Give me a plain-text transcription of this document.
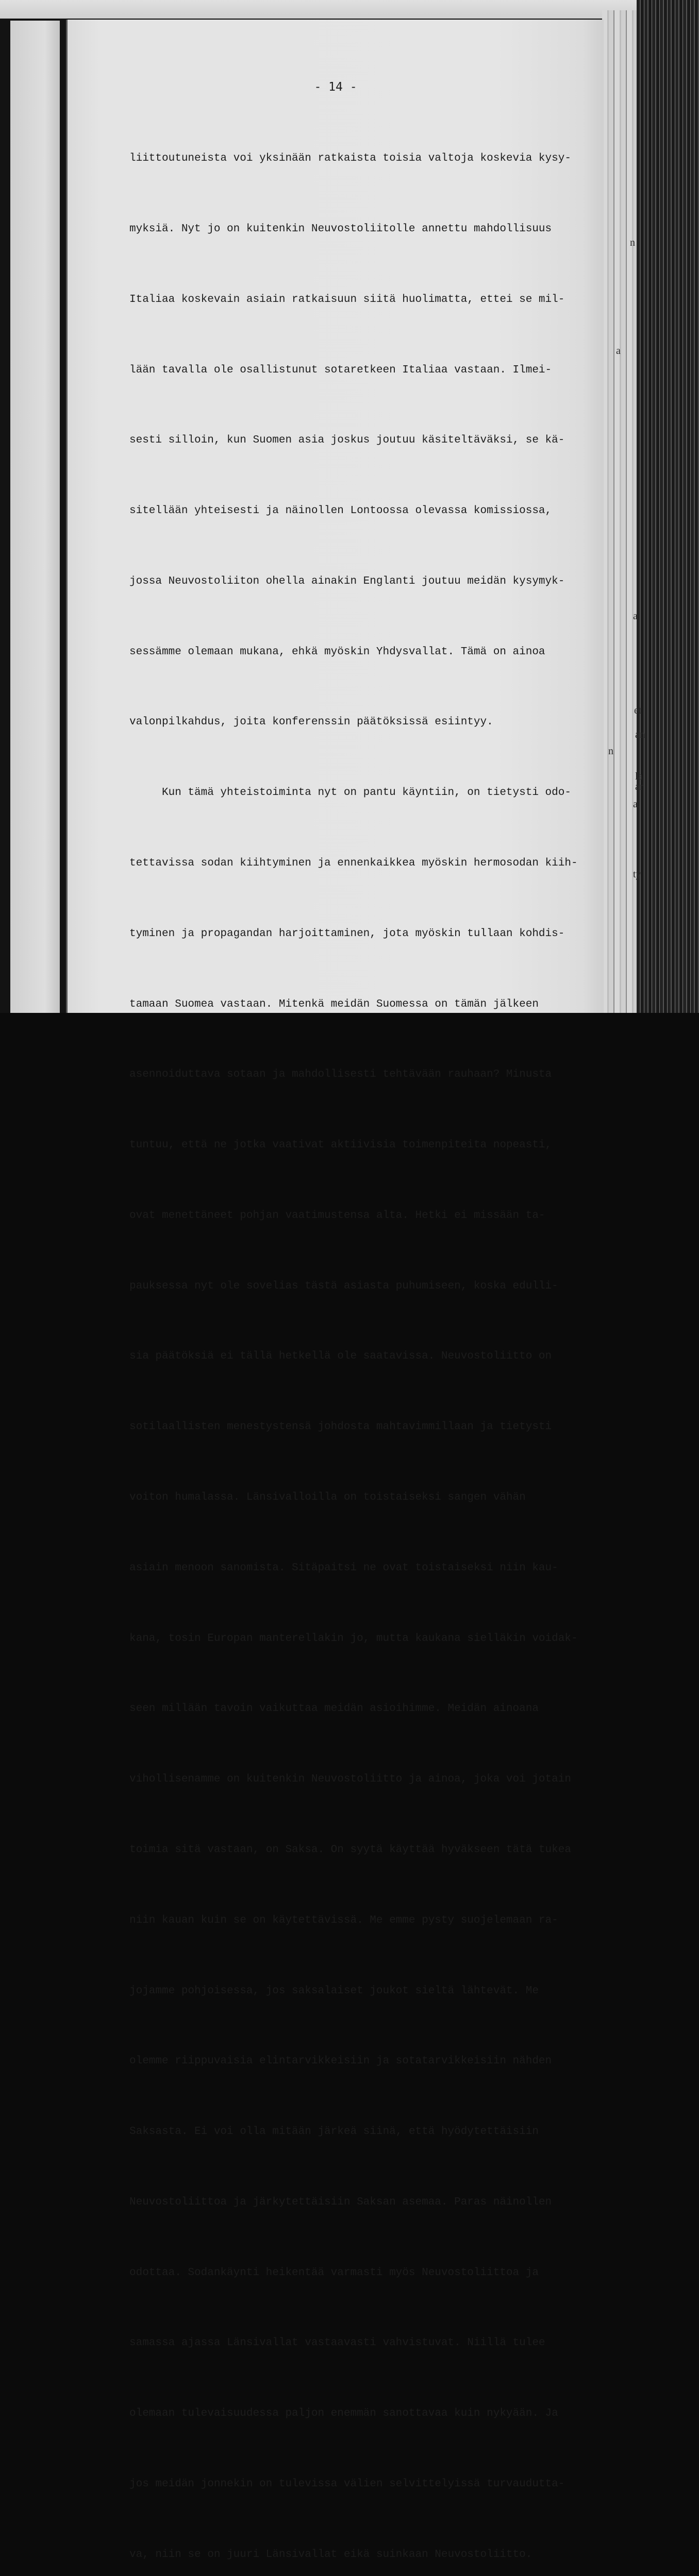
- 14 -

liittoutuneista voi yksinään ratkaista toisia valtoja koskevia kysy-

myksiä. Nyt jo on kuitenkin Neuvostoliitolle annettu mahdollisuus

Italiaa koskevain asiain ratkaisuun siitä huolimatta, ettei se mil-

lään tavalla ole osallistunut sotaretkeen Italiaa vastaan. Ilmei-

sesti silloin, kun Suomen asia joskus joutuu käsiteltäväksi, se kä-

sitellään yhteisesti ja näinollen Lontoossa olevassa komissiossa,

jossa Neuvostoliiton ohella ainakin Englanti joutuu meidän kysymyk-

sessämme olemaan mukana, ehkä myöskin Yhdysvallat. Tämä on ainoa

valonpilkahdus, joita konferenssin päätöksissä esiintyy.

Kun tämä yhteistoiminta nyt on pantu käyntiin, on tietysti odo-

tettavissa sodan kiihtyminen ja ennenkaikkea myöskin hermosodan kiih-

tyminen ja propagandan harjoittaminen, jota myöskin tullaan kohdis-

tamaan Suomea vastaan. Mitenkä meidän Suomessa on tämän jälkeen

asennoiduttava sotaan ja mahdollisesti tehtävään rauhaan? Minusta

tuntuu, että ne jotka vaativat aktiivisia toimenpiteita nopeasti,

ovat menettäneet pohjan vaatimustensa alta. Hetki ei missään ta-

pauksessa nyt ole sovelias tästä asiasta puhumiseen, koska edulli-

sia päätöksiä ei tällä hetkellä ole saatavissa. Neuvostoliitto on

sotilaallisten menestystensä johdosta mahtavimmillaan ja tietysti

voiton humalassa. Länsivalloilla on toistaiseksi sangen vähän

asiain menoon sanomista. Sitäpaitsi ne ovat toistaiseksi niin kau-

kana, tosin Europan manterellakin jo, mutta kaukana sielläkin voidak-

seen millään tavoin vaikuttaa meidän asioihimme. Meidän ainoana

vihollisenamme on kuitenkin Neuvostoliitto ja ainoa, joka voi jotain

toimia sitä vastaan, on Saksa. On syytä käyttää hyväkseen tätä tukea

niin kauan kuin se on käytettävissä. Me emme pysty suojelemaan ra-

jojamme pohjoisessa, jos saksalaiset joukot sieltä lähtevät. Me

olemme riippuvaisia elintarvikkeisiin ja sotatarvikkeisiin nähden

Saksasta. Ei voi olla mitään järkeä siinä, että hyödytettäisiin

Neuvostoliittoa ja järkytettäisiin Saksan asemaa. Paras näinollen

odottaa. Sodankäynti heikentää varmasti myös Neuvostoliittoa ja

samassa ajassa Länsivallat vastaavasti vahvistuvat. Niillä tulee

olemaan tulevaisuudessa paljon enemmän sanottavaa kuin nykyään. Ja

jos meidän jonnekin on tulevissa välien selvittelyissä turvauduttа-

va, niin se on juuri Länsivallat eikä suinkaan Neuvostoliitto.

n
a
a
et
an
n
la
ar
a.
ty
